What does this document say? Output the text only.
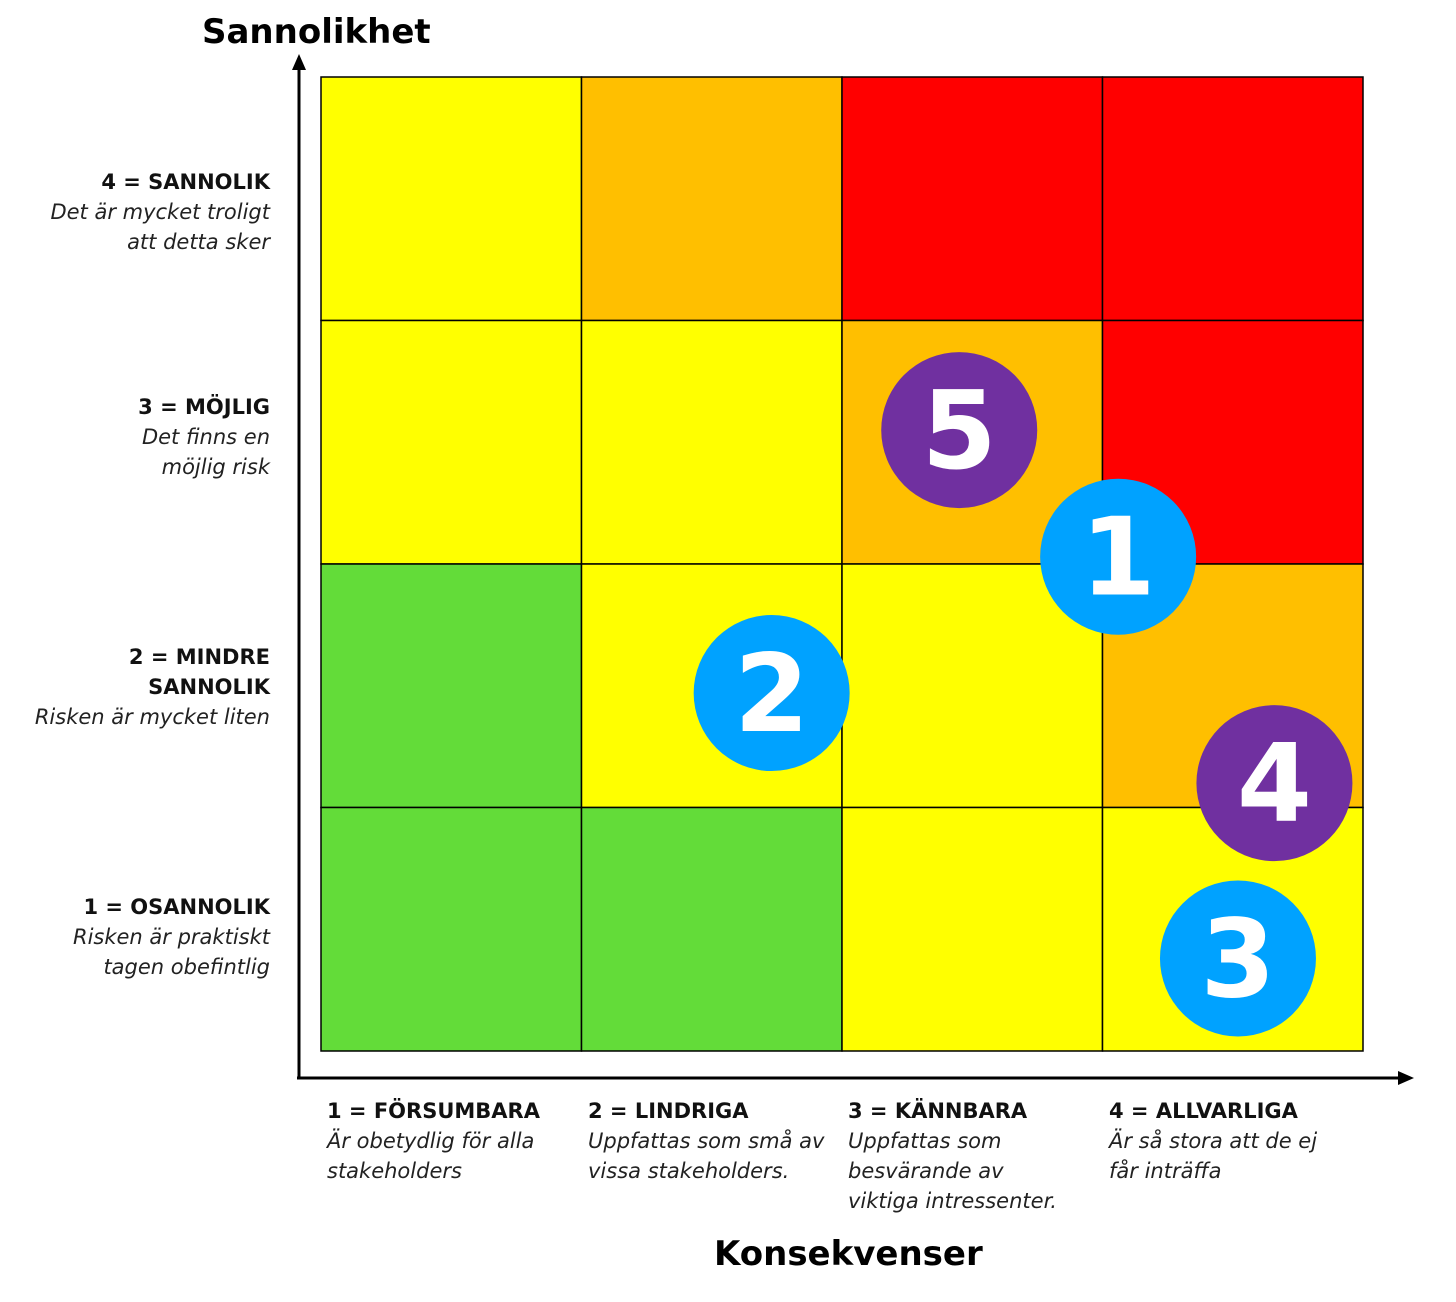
5
1
2
4
3
Sannolikhet
Konsekvenser
4 = SANNOLIK
Det är mycket troligt
att detta sker
3 = MÖJLIG
Det finns en
möjlig risk
2 = MINDRE
SANNOLIK
Risken är mycket liten
1 = OSANNOLIK
Risken är praktiskt
tagen obefintlig
1 = FÖRSUMBARA
Är obetydlig för alla
stakeholders
2 = LINDRIGA
Uppfattas som små av
vissa stakeholders.
3 = KÄNNBARA
Uppfattas som
besvärande av
viktiga intressenter.
4 = ALLVARLIGA
Är så stora att de ej
får inträffa
